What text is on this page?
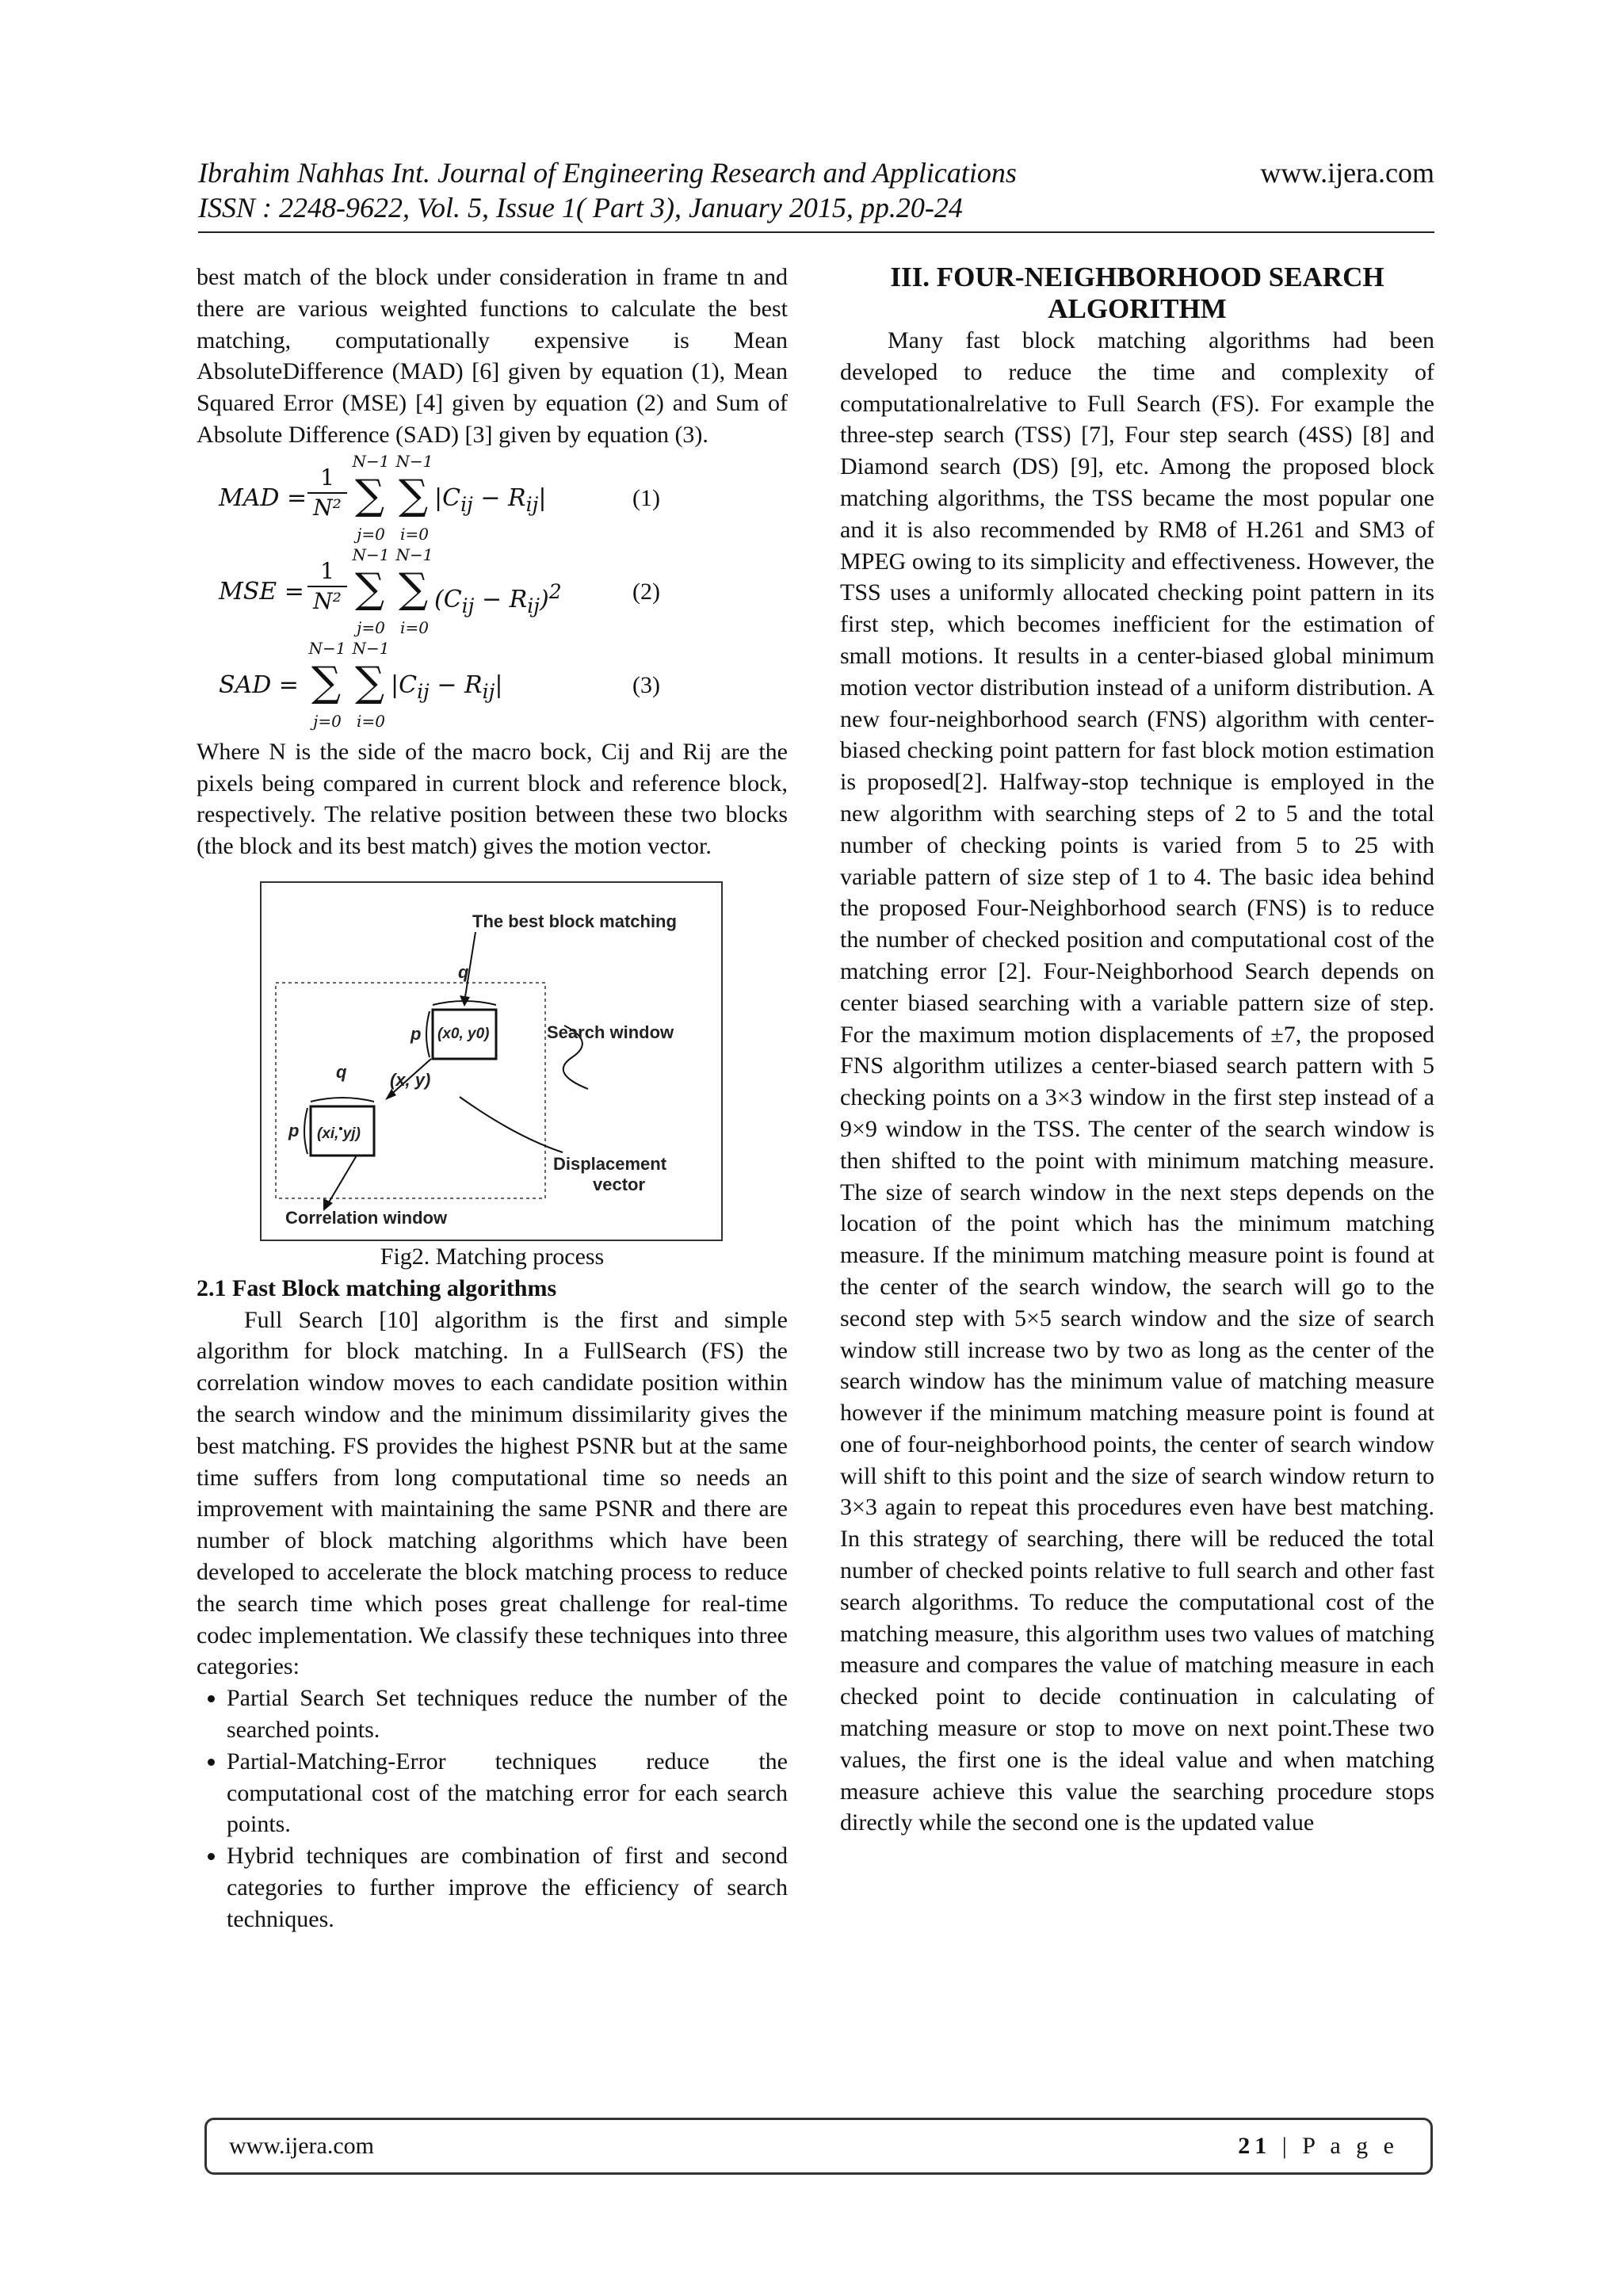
Ibrahim Nahhas Int. Journal of Engineering Research and Applications	www.ijera.com
ISSN : 2248-9622, Vol. 5, Issue 1( Part 3), January 2015, pp.20-24

best match of the block under consideration in frame tn and there are various weighted functions to calculate the best matching, computationally expensive is Mean AbsoluteDifference (MAD) [6] given by equation (1), Mean Squared Error (MSE) [4] given by equation (2) and Sum of Absolute Difference (SAD) [3] given by equation (3).

MAD = $\frac{1}{\text{N²}}$
N−1
∑
j=0
N−1
∑
i=0
$|C_{ij} - R_{ij}|$	(1)
MSE = $\frac{1}{\text{N²}}$
N−1
∑
j=0
N−1
∑
i=0
$(C_{ij} - R_{ij})^2$	(2)
SAD =
N−1
∑
j=0
N−1
∑
i=0
$|C_{ij} - R_{ij}|$	(3)

Where N is the side of the macro bock, Cij and Rij are the pixels being compared in current block and reference block, respectively. The relative position between these two blocks (the block and its best match) gives the motion vector.

The best block matching
Search window
Displacement
vector
Correlation window
q
q
p
p
(x0, y0)
(x, y)
(xi, yj)

Fig2. Matching process

2.1 Fast Block matching algorithms

Full Search [10] algorithm is the first and simple algorithm for block matching. In a FullSearch (FS) the correlation window moves to each candidate position within the search window and the minimum dissimilarity gives the best matching. FS provides the highest PSNR but at the same time suffers from long computational time so needs an improvement with maintaining the same PSNR and there are number of block matching algorithms which have been developed to accelerate the block matching process to reduce the search time which poses great challenge for real-time codec implementation. We classify these techniques into three categories:

• Partial Search Set techniques reduce the number of the searched points.
• Partial-Matching-Error techniques reduce the computational cost of the matching error for each search points.
• Hybrid techniques are combination of first and second categories to further improve the efficiency of search techniques.

III. FOUR-NEIGHBORHOOD SEARCH ALGORITHM

Many fast block matching algorithms had been developed to reduce the time and complexity of computationalrelative to Full Search (FS). For example the three-step search (TSS) [7], Four step search (4SS) [8] and Diamond search (DS) [9], etc. Among the proposed block matching algorithms, the TSS became the most popular one and it is also recommended by RM8 of H.261 and SM3 of MPEG owing to its simplicity and effectiveness. However, the TSS uses a uniformly allocated checking point pattern in its first step, which becomes inefficient for the estimation of small motions. It results in a center-biased global minimum motion vector distribution instead of a uniform distribution. A new four-neighborhood search (FNS) algorithm with center-biased checking point pattern for fast block motion estimation is proposed[2]. Halfway-stop technique is employed in the new algorithm with searching steps of 2 to 5 and the total number of checking points is varied from 5 to 25 with variable pattern of size step of 1 to 4. The basic idea behind the proposed Four-Neighborhood search (FNS) is to reduce the number of checked position and computational cost of the matching error [2]. Four-Neighborhood Search depends on center biased searching with a variable pattern size of step. For the maximum motion displacements of ±7, the proposed FNS algorithm utilizes a center-biased search pattern with 5 checking points on a 3×3 window in the first step instead of a 9×9 window in the TSS. The center of the search window is then shifted to the point with minimum matching measure. The size of search window in the next steps depends on the location of the point which has the minimum matching measure. If the minimum matching measure point is found at the center of the search window, the search will go to the second step with 5×5 search window and the size of search window still increase two by two as long as the center of the search window has the minimum value of matching measure however if the minimum matching measure point is found at one of four-neighborhood points, the center of search window will shift to this point and the size of search window return to 3×3 again to repeat this procedures even have best matching. In this strategy of searching, there will be reduced the total number of checked points relative to full search and other fast search algorithms. To reduce the computational cost of the matching measure, this algorithm uses two values of matching measure and compares the value of matching measure in each checked point to decide continuation in calculating of matching measure or stop to move on next point.These two values, the first one is the ideal value and when matching measure achieve this value the searching procedure stops directly while the second one is the updated value

www.ijera.com	21 | P a g e
